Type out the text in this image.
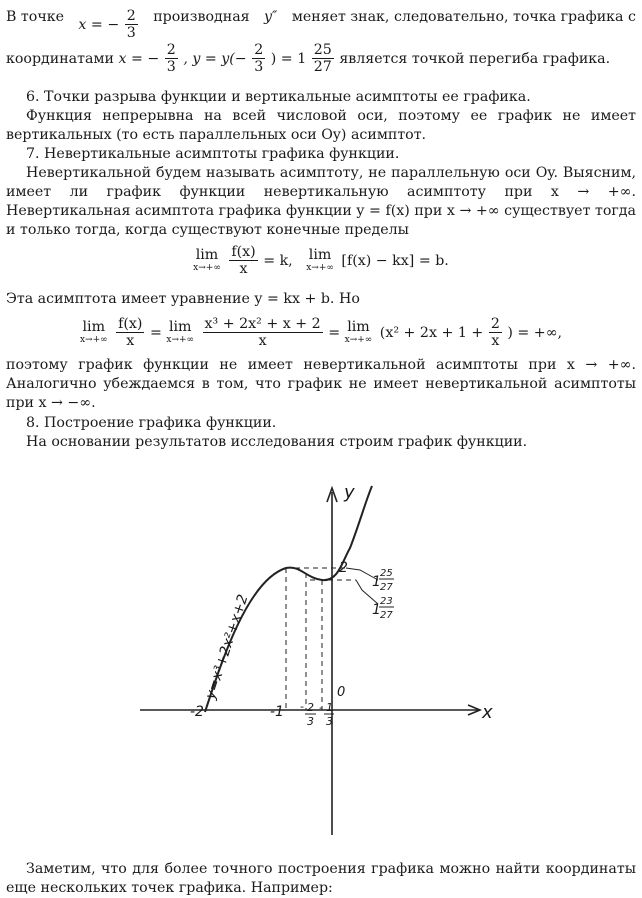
В точке x = − $\frac{2}{3}$ производная y″ меняет знак, следовательно, точка графика с
координатами x = − $\frac{2}{3}$ , $y = y(- \frac{2}{3}$ ) = $1 \frac{25}{27}$ является точкой перегиба графика.
6. Точки разрыва функции и вертикальные асимптоты ее графика.
Функция непрерывна на всей числовой оси, поэтому ее график не имеет вертикальных (то есть параллельных оси Oy) асимптот.
7. Невертикальные асимптоты графика функции.
Невертикальной будем называть асимптоту, не параллельную оси Oy. Выясним, имеет ли график функции невертикальную асимптоту при x → +∞. Невертикальная асимптота графика функции y = f(x) при x → +∞ существует тогда и только тогда, когда существуют конечные пределы
lim
x→+∞
$\frac{f(x)}{x} = k$, lim
x→+∞ [f(x) − kx] = b.
Эта асимптота имеет уравнение y = kx + b. Но
lim
x→+∞
$\frac{f(x)}{x} = \lim$
x→+∞
$\frac{\text{x³ + 2x² + x + 2}}{x} = \lim$
x→+∞ ($x^2 + 2x + 1 + \frac{2}{x}$ ) = +∞,
поэтому график функции не имеет невертикальной асимптоты при x → +∞. Аналогично убеждаемся в том, что график не имеет невертикальной асимптоты при x → −∞.
8. Построение графика функции.
На основании результатов исследования строим график функции.
x
y
0
-2	-1 - 2
3
- 1
3
2
1
25
27
1
23
27
y=x³+2x²+x+2
Заметим, что для более точного построения графика можно найти координаты еще нескольких точек графика. Например:
